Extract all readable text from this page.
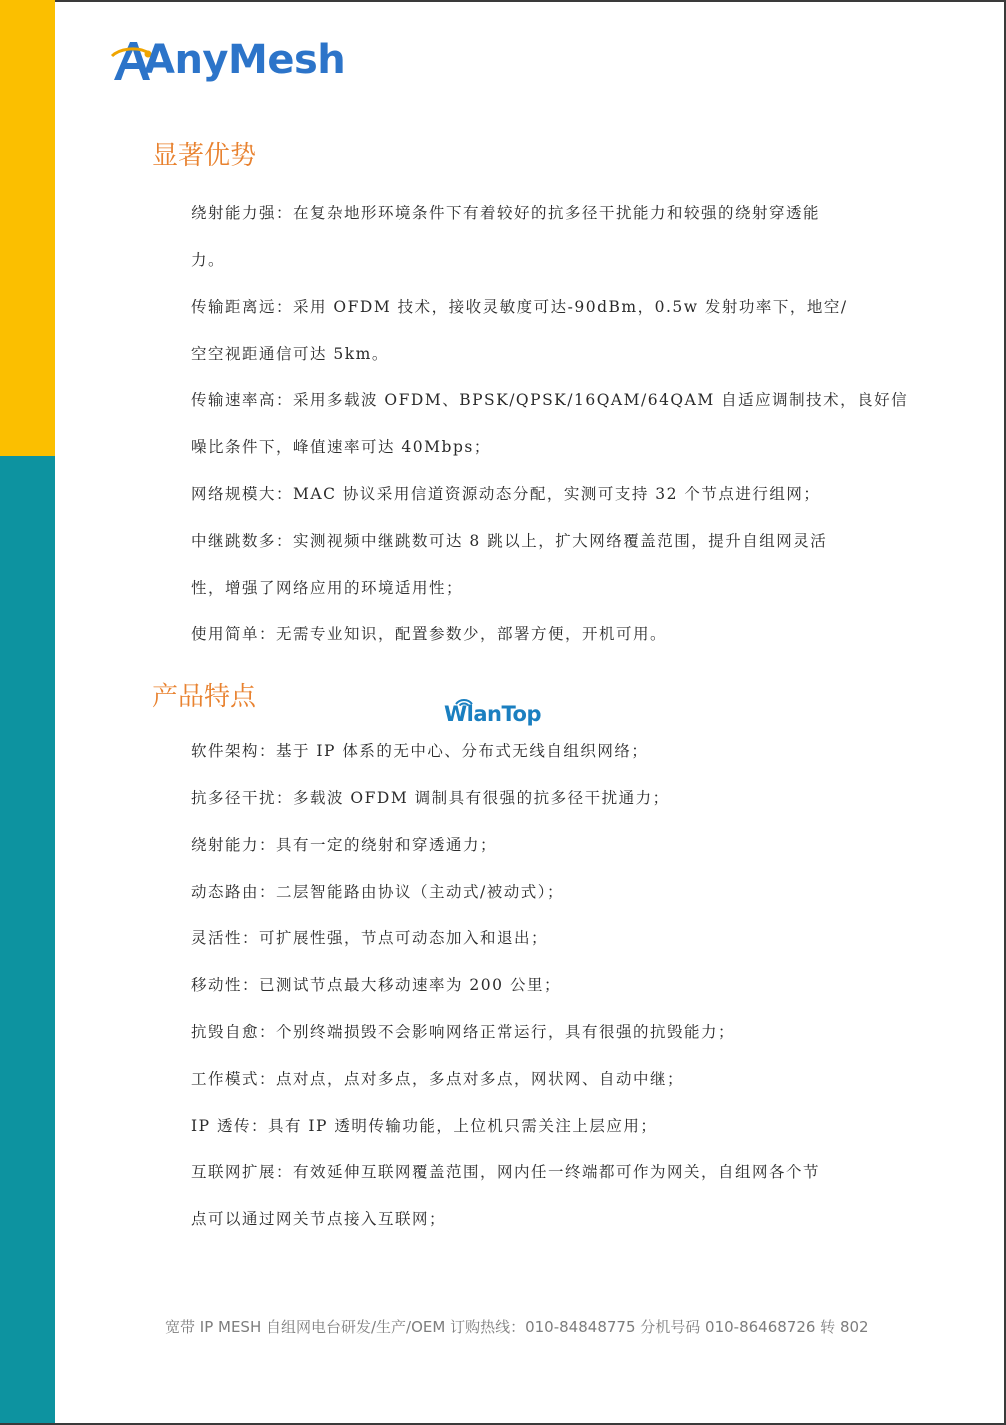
AnyMesh
显著优势
绕射能力强：在复杂地形环境条件下有着较好的抗多径干扰能力和较强的绕射穿透能
力。
传输距离远：采用 OFDM 技术，接收灵敏度可达-90dBm，0.5w 发射功率下，地空/
空空视距通信可达 5km。
传输速率高：采用多载波 OFDM、BPSK/QPSK/16QAM/64QAM 自适应调制技术，良好信
噪比条件下，峰值速率可达 40Mbps；
网络规模大：MAC 协议采用信道资源动态分配，实测可支持 32 个节点进行组网；
中继跳数多：实测视频中继跳数可达 8 跳以上，扩大网络覆盖范围，提升自组网灵活
性，增强了网络应用的环境适用性；
使用简单：无需专业知识，配置参数少，部署方便，开机可用。
产品特点
WlanTop
软件架构：基于 IP 体系的无中心、分布式无线自组织网络；
抗多径干扰：多载波 OFDM 调制具有很强的抗多径干扰通力；
绕射能力：具有一定的绕射和穿透通力；
动态路由：二层智能路由协议（主动式/被动式）；
灵活性：可扩展性强，节点可动态加入和退出；
移动性：已测试节点最大移动速率为 200 公里；
抗毁自愈：个别终端损毁不会影响网络正常运行，具有很强的抗毁能力；
工作模式：点对点，点对多点，多点对多点，网状网、自动中继；
IP 透传：具有 IP 透明传输功能，上位机只需关注上层应用；
互联网扩展：有效延伸互联网覆盖范围，网内任一终端都可作为网关，自组网各个节
点可以通过网关节点接入互联网；
宽带 IP MESH 自组网电台研发/生产/OEM 订购热线：010-84848775 分机号码 010-86468726 转 802
